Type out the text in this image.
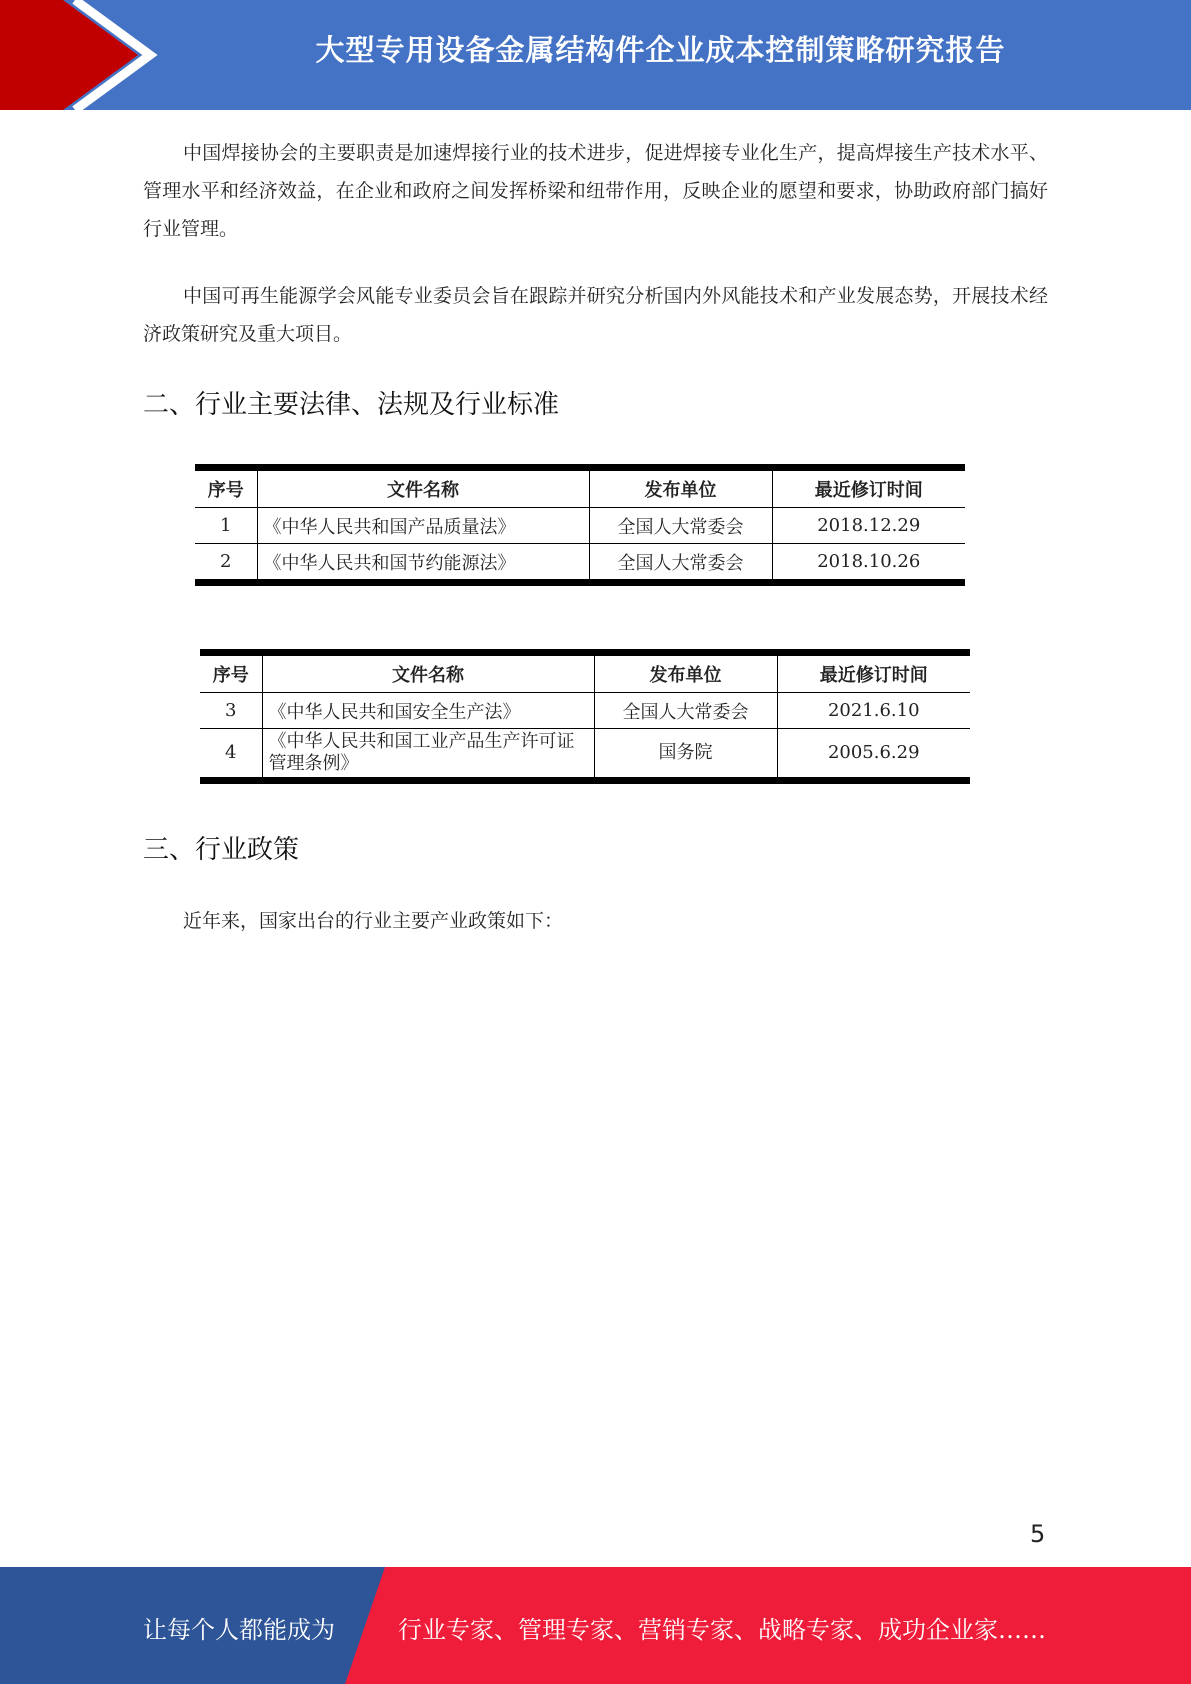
大型专用设备金属结构件企业成本控制策略研究报告

中国焊接协会的主要职责是加速焊接行业的技术进步，促进焊接专业化生产，提高焊接生产技术水平、管理水平和经济效益，在企业和政府之间发挥桥梁和纽带作用，反映企业的愿望和要求，协助政府部门搞好行业管理。

中国可再生能源学会风能专业委员会旨在跟踪并研究分析国内外风能技术和产业发展态势，开展技术经济政策研究及重大项目。

二、行业主要法律、法规及行业标准
序号	文件名称	发布单位	最近修订时间
1	《中华人民共和国产品质量法》	全国人大常委会	2018.12.29
2	《中华人民共和国节约能源法》	全国人大常委会	2018.10.26
序号	文件名称	发布单位	最近修订时间
3	《中华人民共和国安全生产法》	全国人大常委会	2021.6.10
4	《中华人民共和国工业产品生产许可证管理条例》	国务院	2005.6.29
三、行业政策

近年来，国家出台的行业主要产业政策如下：

5
让每个人都能成为	行业专家、管理专家、营销专家、战略专家、成功企业家……
